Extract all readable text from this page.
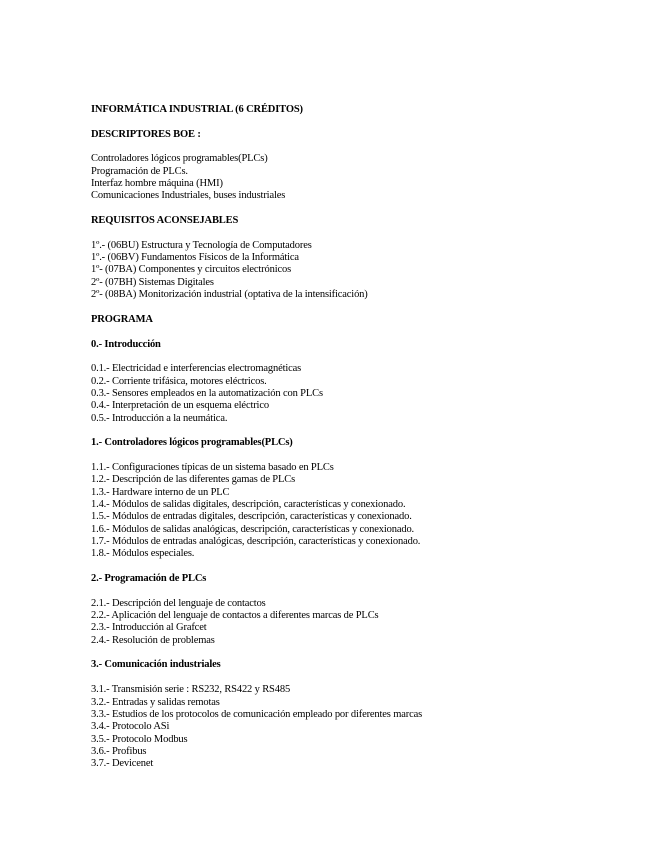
INFORMÁTICA INDUSTRIAL (6 CRÉDITOS)

DESCRIPTORES BOE :

Controladores lógicos programables(PLCs)

Programación de PLCs.

Interfaz hombre máquina (HMI)

Comunicaciones Industriales, buses industriales

REQUISITOS ACONSEJABLES

1º.- (06BU) Estructura y Tecnología de Computadores

1º.- (06BV) Fundamentos Físicos de la Informática

1º- (07BA) Componentes y circuitos electrónicos

2º- (07BH) Sistemas Digitales

2º- (08BA) Monitorización industrial (optativa de la intensificación)

PROGRAMA

0.- Introducción

0.1.- Electricidad e interferencias electromagnéticas

0.2.- Corriente trifásica, motores eléctricos.

0.3.- Sensores empleados en la automatización con PLCs

0.4.- Interpretación de un esquema eléctrico

0.5.- Introducción a la neumática.

1.- Controladores lógicos programables(PLCs)

1.1.- Configuraciones típicas de un sistema basado en PLCs

1.2.- Descripción de las diferentes gamas de PLCs

1.3.- Hardware interno de un PLC

1.4.- Módulos de salidas digitales, descripción, características y conexionado.

1.5.- Módulos de entradas digitales, descripción, características y conexionado.

1.6.- Módulos de salidas analógicas, descripción, características y conexionado.

1.7.- Módulos de entradas analógicas, descripción, características y conexionado.

1.8.- Módulos especiales.

2.- Programación de PLCs

2.1.- Descripción del lenguaje de contactos

2.2.- Aplicación del lenguaje de contactos a diferentes marcas de PLCs

2.3.- Introducción al Grafcet

2.4.- Resolución de problemas

3.- Comunicación industriales

3.1.- Transmisión serie : RS232, RS422 y RS485

3.2.- Entradas y salidas remotas

3.3.- Estudios de los protocolos de comunicación empleado por diferentes marcas

3.4.- Protocolo ASi

3.5.- Protocolo Modbus

3.6.- Profibus

3.7.- Devicenet
